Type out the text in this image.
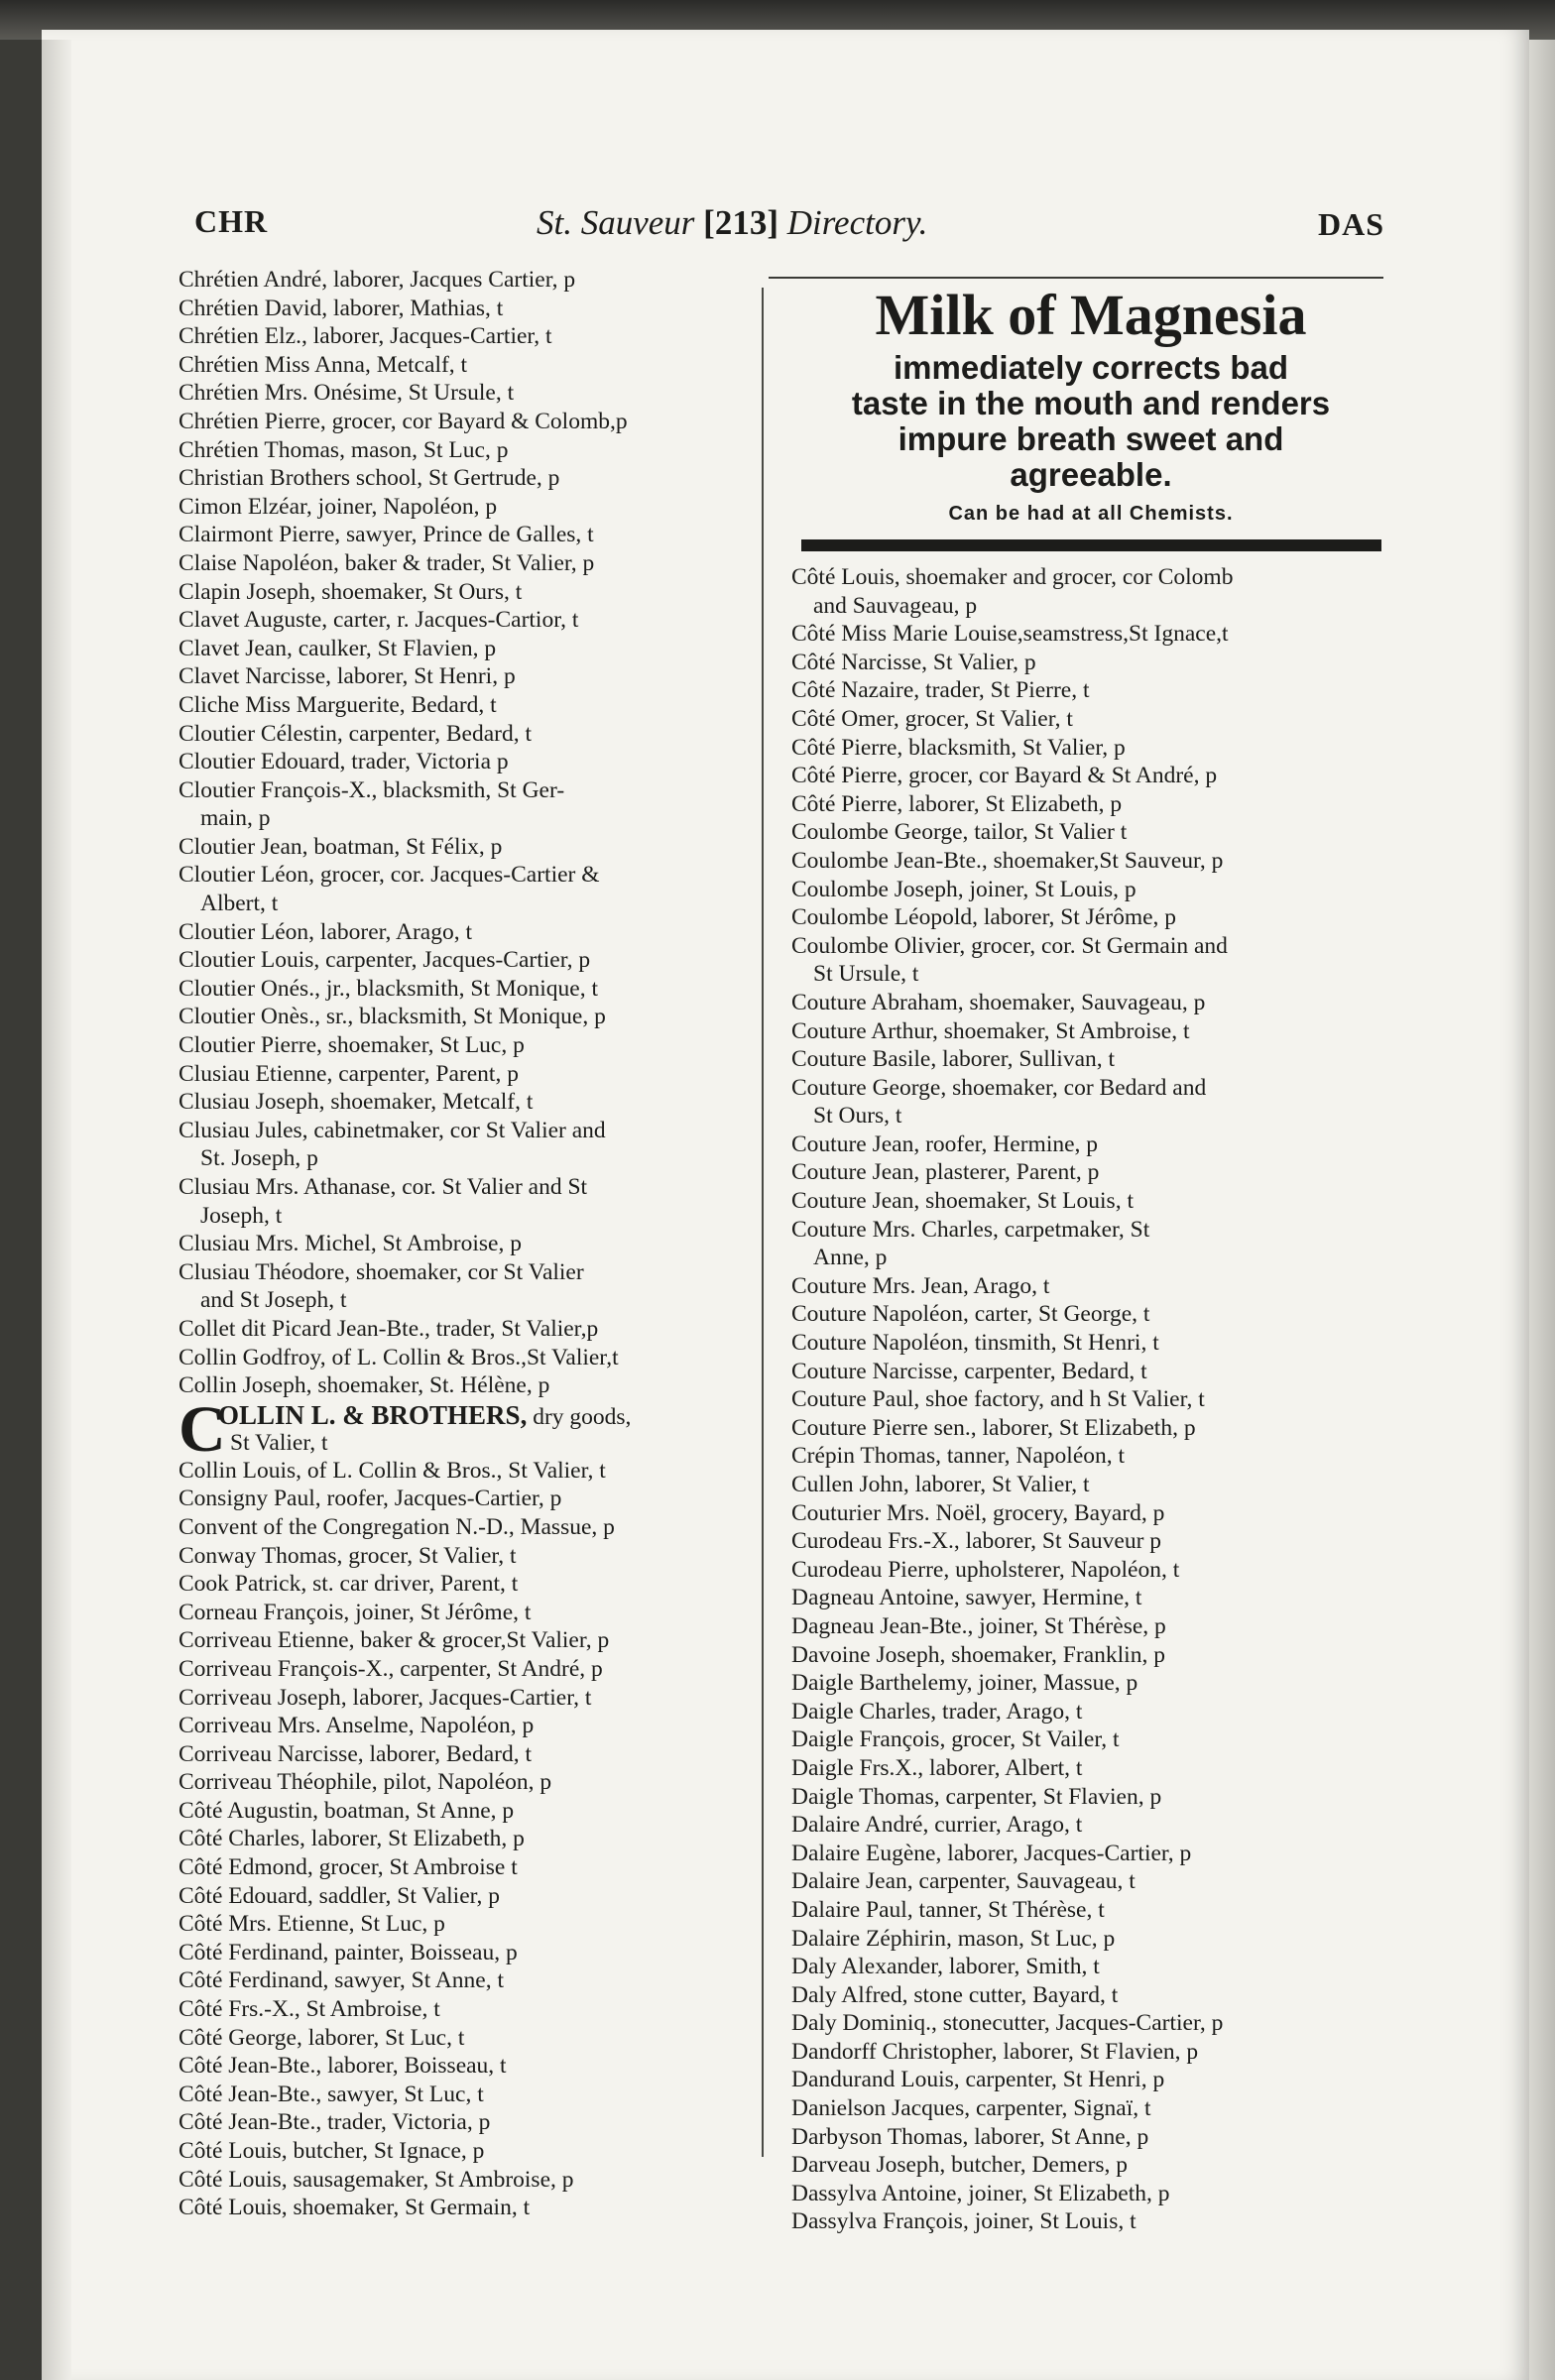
CHR	St. Sauveur [213] Directory.	DAS
Milk of Magnesia
immediately corrects bad
taste in the mouth and renders
impure breath sweet and
agreeable.
Can be had at all Chemists.
Chrétien André, laborer, Jacques Cartier, p
Chrétien David, laborer, Mathias, t
Chrétien Elz., laborer, Jacques-Cartier, t
Chrétien Miss Anna, Metcalf, t
Chrétien Mrs. Onésime, St Ursule, t
Chrétien Pierre, grocer, cor Bayard & Colomb,p
Chrétien Thomas, mason, St Luc, p
Christian Brothers school, St Gertrude, p
Cimon Elzéar, joiner, Napoléon, p
Clairmont Pierre, sawyer, Prince de Galles, t
Claise Napoléon, baker & trader, St Valier, p
Clapin Joseph, shoemaker, St Ours, t
Clavet Auguste, carter, r. Jacques-Cartior, t
Clavet Jean, caulker, St Flavien, p
Clavet Narcisse, laborer, St Henri, p
Cliche Miss Marguerite, Bedard, t
Cloutier Célestin, carpenter, Bedard, t
Cloutier Edouard, trader, Victoria p
Cloutier François-X., blacksmith, St Ger-
main, p
Cloutier Jean, boatman, St Félix, p
Cloutier Léon, grocer, cor. Jacques-Cartier &
Albert, t
Cloutier Léon, laborer, Arago, t
Cloutier Louis, carpenter, Jacques-Cartier, p
Cloutier Onés., jr., blacksmith, St Monique, t
Cloutier Onès., sr., blacksmith, St Monique, p
Cloutier Pierre, shoemaker, St Luc, p
Clusiau Etienne, carpenter, Parent, p
Clusiau Joseph, shoemaker, Metcalf, t
Clusiau Jules, cabinetmaker, cor St Valier and
St. Joseph, p
Clusiau Mrs. Athanase, cor. St Valier and St
Joseph, t
Clusiau Mrs. Michel, St Ambroise, p
Clusiau Théodore, shoemaker, cor St Valier
and St Joseph, t
Collet dit Picard Jean-Bte., trader, St Valier,p
Collin Godfroy, of L. Collin & Bros.,St Valier,t
Collin Joseph, shoemaker, St. Hélène, p
C
OLLIN L. & BROTHERS, dry goods,
St Valier, t
Collin Louis, of L. Collin & Bros., St Valier, t
Consigny Paul, roofer, Jacques-Cartier, p
Convent of the Congregation N.-D., Massue, p
Conway Thomas, grocer, St Valier, t
Cook Patrick, st. car driver, Parent, t
Corneau François, joiner, St Jérôme, t
Corriveau Etienne, baker & grocer,St Valier, p
Corriveau François-X., carpenter, St André, p
Corriveau Joseph, laborer, Jacques-Cartier, t
Corriveau Mrs. Anselme, Napoléon, p
Corriveau Narcisse, laborer, Bedard, t
Corriveau Théophile, pilot, Napoléon, p
Côté Augustin, boatman, St Anne, p
Côté Charles, laborer, St Elizabeth, p
Côté Edmond, grocer, St Ambroise t
Côté Edouard, saddler, St Valier, p
Côté Mrs. Etienne, St Luc, p
Côté Ferdinand, painter, Boisseau, p
Côté Ferdinand, sawyer, St Anne, t
Côté Frs.-X., St Ambroise, t
Côté George, laborer, St Luc, t
Côté Jean-Bte., laborer, Boisseau, t
Côté Jean-Bte., sawyer, St Luc, t
Côté Jean-Bte., trader, Victoria, p
Côté Louis, butcher, St Ignace, p
Côté Louis, sausagemaker, St Ambroise, p
Côté Louis, shoemaker, St Germain, t
Côté Louis, shoemaker and grocer, cor Colomb
and Sauvageau, p
Côté Miss Marie Louise,seamstress,St Ignace,t
Côté Narcisse, St Valier, p
Côté Nazaire, trader, St Pierre, t
Côté Omer, grocer, St Valier, t
Côté Pierre, blacksmith, St Valier, p
Côté Pierre, grocer, cor Bayard & St André, p
Côté Pierre, laborer, St Elizabeth, p
Coulombe George, tailor, St Valier t
Coulombe Jean-Bte., shoemaker,St Sauveur, p
Coulombe Joseph, joiner, St Louis, p
Coulombe Léopold, laborer, St Jérôme, p
Coulombe Olivier, grocer, cor. St Germain and
St Ursule, t
Couture Abraham, shoemaker, Sauvageau, p
Couture Arthur, shoemaker, St Ambroise, t
Couture Basile, laborer, Sullivan, t
Couture George, shoemaker, cor Bedard and
St Ours, t
Couture Jean, roofer, Hermine, p
Couture Jean, plasterer, Parent, p
Couture Jean, shoemaker, St Louis, t
Couture Mrs. Charles, carpetmaker, St
Anne, p
Couture Mrs. Jean, Arago, t
Couture Napoléon, carter, St George, t
Couture Napoléon, tinsmith, St Henri, t
Couture Narcisse, carpenter, Bedard, t
Couture Paul, shoe factory, and h St Valier, t
Couture Pierre sen., laborer, St Elizabeth, p
Crépin Thomas, tanner, Napoléon, t
Cullen John, laborer, St Valier, t
Couturier Mrs. Noël, grocery, Bayard, p
Curodeau Frs.-X., laborer, St Sauveur p
Curodeau Pierre, upholsterer, Napoléon, t
Dagneau Antoine, sawyer, Hermine, t
Dagneau Jean-Bte., joiner, St Thérèse, p
Davoine Joseph, shoemaker, Franklin, p
Daigle Barthelemy, joiner, Massue, p
Daigle Charles, trader, Arago, t
Daigle François, grocer, St Vailer, t
Daigle Frs.X., laborer, Albert, t
Daigle Thomas, carpenter, St Flavien, p
Dalaire André, currier, Arago, t
Dalaire Eugène, laborer, Jacques-Cartier, p
Dalaire Jean, carpenter, Sauvageau, t
Dalaire Paul, tanner, St Thérèse, t
Dalaire Zéphirin, mason, St Luc, p
Daly Alexander, laborer, Smith, t
Daly Alfred, stone cutter, Bayard, t
Daly Dominiq., stonecutter, Jacques-Cartier, p
Dandorff Christopher, laborer, St Flavien, p
Dandurand Louis, carpenter, St Henri, p
Danielson Jacques, carpenter, Signaï, t
Darbyson Thomas, laborer, St Anne, p
Darveau Joseph, butcher, Demers, p
Dassylva Antoine, joiner, St Elizabeth, p
Dassylva François, joiner, St Louis, t
